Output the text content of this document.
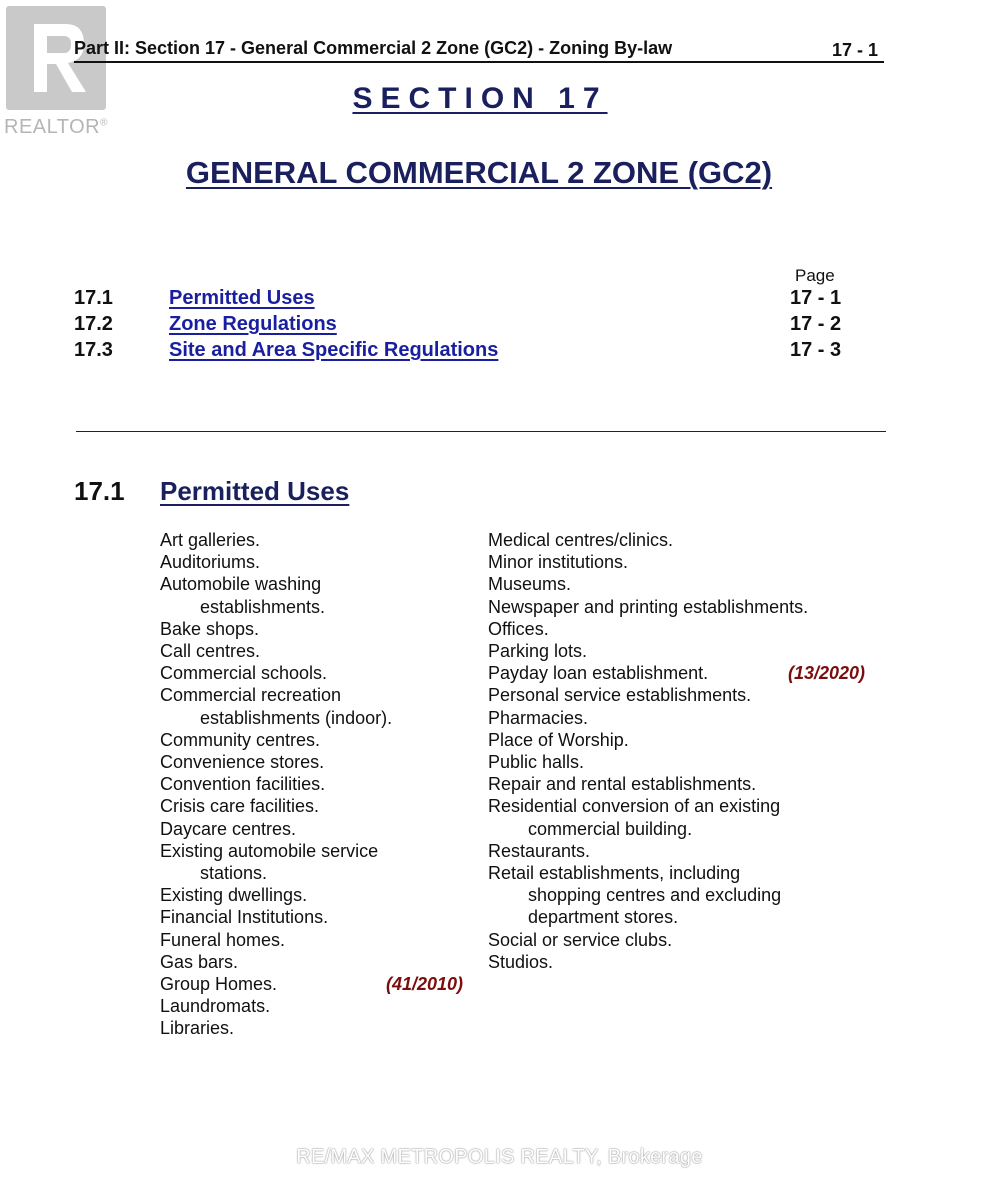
REALTOR®
Part II: Section 17 - General Commercial 2 Zone (GC2) - Zoning By-law	17 - 1
SECTION 17
GENERAL COMMERCIAL 2 ZONE (GC2)
Page
17.1	Permitted Uses	17 - 1
17.2	Zone Regulations	17 - 2
17.3	Site and Area Specific Regulations	17 - 3
17.1 Permitted Uses
Art galleries.
Auditoriums.
Automobile washing
establishments.
Bake shops.
Call centres.
Commercial schools.
Commercial recreation
establishments (indoor).
Community centres.
Convenience stores.
Convention facilities.
Crisis care facilities.
Daycare centres.
Existing automobile service
stations.
Existing dwellings.
Financial Institutions.
Funeral homes.
Gas bars.
Group Homes.	(41/2010)
Laundromats.
Libraries.
Medical centres/clinics.
Minor institutions.
Museums.
Newspaper and printing establishments.
Offices.
Parking lots.
Payday loan establishment.	(13/2020)
Personal service establishments.
Pharmacies.
Place of Worship.
Public halls.
Repair and rental establishments.
Residential conversion of an existing
commercial building.
Restaurants.
Retail establishments, including
shopping centres and excluding
department stores.
Social or service clubs.
Studios.
RE/MAX METROPOLIS REALTY, Brokerage
